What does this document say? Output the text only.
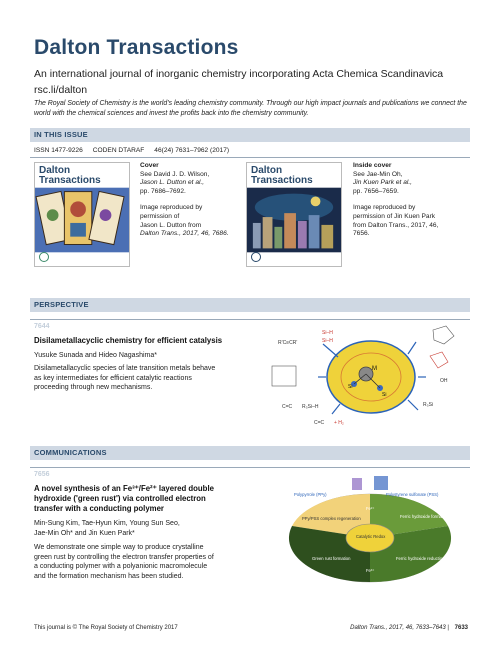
Dalton Transactions
An international journal of inorganic chemistry incorporating Acta Chemica Scandinavica
rsc.li/dalton
The Royal Society of Chemistry is the world's leading chemistry community. Through our high impact journals and publications we connect the world with the chemical sciences and invest the profits back into the chemistry community.
IN THIS ISSUE
ISSN 1477-9226 CODEN DTARAF 46(24) 7631–7962 (2017)
Dalton
Transactions

Cover

See David J. D. Wilson,

Jason L. Dutton et al.,

pp. 7686–7692.

Image reproduced by

permission of

Jason L. Dutton from

Dalton Trans., 2017, 46, 7686.

Dalton
Transactions

Inside cover

See Jae-Min Oh,

Jin Kuen Park et al.,

pp. 7656–7659.

Image reproduced by

permission of Jin Kuen Park

from Dalton Trans., 2017, 46,

7656.

PERSPECTIVE
7644
Disilametallacyclic chemistry for efficient catalysis
Yusuke Sunada and Hideo Nagashima*
Disilametallacyclic species of late transition metals behave
as key intermediates for efficient catalytic reactions
proceeding through new mechanisms.
R'C≡CR'
Si–H
Si–H
M
Si
Si
C=C R₃Si–H
C=C + H₂
OH
R₃Si
COMMUNICATIONS
7656
A novel synthesis of an Fe³⁺/Fe²⁺ layered double
hydroxide ('green rust') via controlled electron
transfer with a conducting polymer
Min-Sung Kim, Tae-Hyun Kim, Young Sun Seo,
Jae-Min Oh* and Jin Kuen Park*
We demonstrate one simple way to produce crystalline
green rust by controlling the electron transfer properties of
a conducting polymer with a polyanionic macromolecule
and the formation mechanism has been studied.
Polypyrrole (PPy)	Polystyrene sulfonate (PSS)
Ferric hydroxide formation
PPy/PSS complex regeneration
Catalytic Redox
Green rust formation	Ferric hydroxide reduction
Fe²⁺
Fe³⁺
This journal is © The Royal Society of Chemistry 2017	Dalton Trans., 2017, 46, 7633–7643 | 7633
